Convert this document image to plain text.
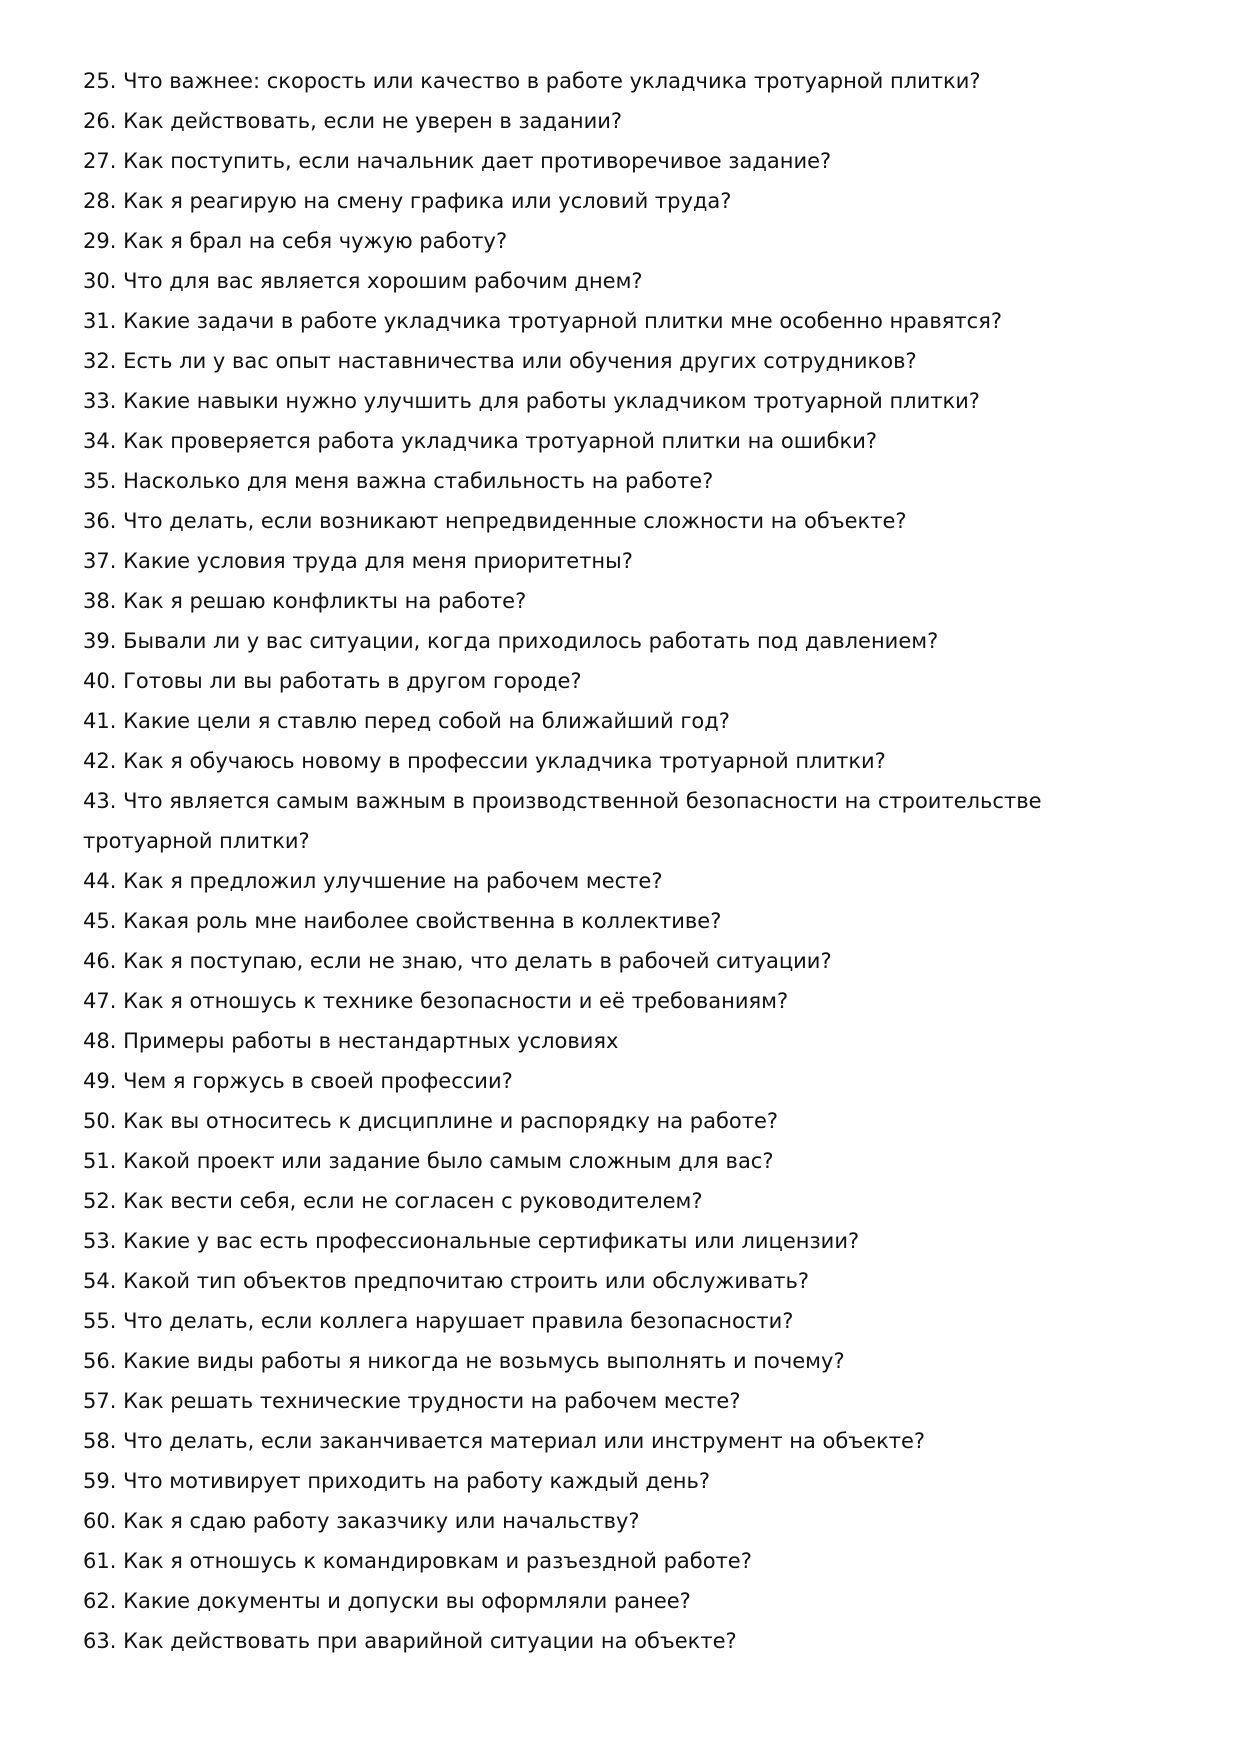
25. Что важнее: скорость или качество в работе укладчика тротуарной плитки?
26. Как действовать, если не уверен в задании?
27. Как поступить, если начальник дает противоречивое задание?
28. Как я реагирую на смену графика или условий труда?
29. Как я брал на себя чужую работу?
30. Что для вас является хорошим рабочим днем?
31. Какие задачи в работе укладчика тротуарной плитки мне особенно нравятся?
32. Есть ли у вас опыт наставничества или обучения других сотрудников?
33. Какие навыки нужно улучшить для работы укладчиком тротуарной плитки?
34. Как проверяется работа укладчика тротуарной плитки на ошибки?
35. Насколько для меня важна стабильность на работе?
36. Что делать, если возникают непредвиденные сложности на объекте?
37. Какие условия труда для меня приоритетны?
38. Как я решаю конфликты на работе?
39. Бывали ли у вас ситуации, когда приходилось работать под давлением?
40. Готовы ли вы работать в другом городе?
41. Какие цели я ставлю перед собой на ближайший год?
42. Как я обучаюсь новому в профессии укладчика тротуарной плитки?
43. Что является самым важным в производственной безопасности на строительстве тротуарной плитки?
44. Как я предложил улучшение на рабочем месте?
45. Какая роль мне наиболее свойственна в коллективе?
46. Как я поступаю, если не знаю, что делать в рабочей ситуации?
47. Как я отношусь к технике безопасности и её требованиям?
48. Примеры работы в нестандартных условиях
49. Чем я горжусь в своей профессии?
50. Как вы относитесь к дисциплине и распорядку на работе?
51. Какой проект или задание было самым сложным для вас?
52. Как вести себя, если не согласен с руководителем?
53. Какие у вас есть профессиональные сертификаты или лицензии?
54. Какой тип объектов предпочитаю строить или обслуживать?
55. Что делать, если коллега нарушает правила безопасности?
56. Какие виды работы я никогда не возьмусь выполнять и почему?
57. Как решать технические трудности на рабочем месте?
58. Что делать, если заканчивается материал или инструмент на объекте?
59. Что мотивирует приходить на работу каждый день?
60. Как я сдаю работу заказчику или начальству?
61. Как я отношусь к командировкам и разъездной работе?
62. Какие документы и допуски вы оформляли ранее?
63. Как действовать при аварийной ситуации на объекте?
